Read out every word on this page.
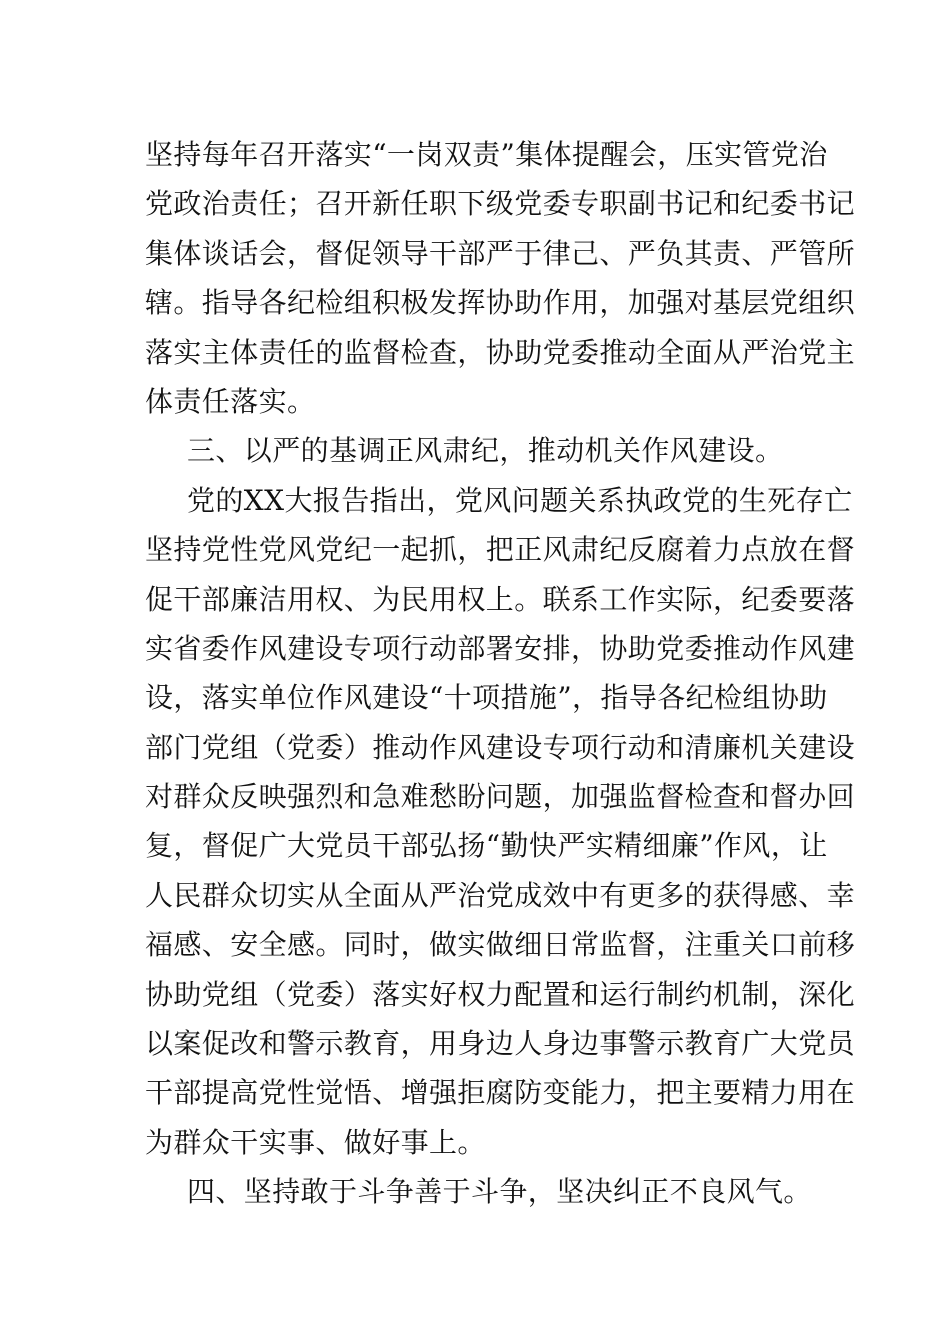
坚持每年召开落实“一岗双责”集体提醒会，压实管党治
党政治责任；召开新任职下级党委专职副书记和纪委书记
集体谈话会，督促领导干部严于律己、严负其责、严管所
辖。指导各纪检组积极发挥协助作用，加强对基层党组织
落实主体责任的监督检查，协助党委推动全面从严治党主
体责任落实。
三、以严的基调正风肃纪，推动机关作风建设。
党的XX大报告指出，党风问题关系执政党的生死存亡
坚持党性党风党纪一起抓，把正风肃纪反腐着力点放在督
促干部廉洁用权、为民用权上。联系工作实际，纪委要落
实省委作风建设专项行动部署安排，协助党委推动作风建
设，落实单位作风建设“十项措施”，指导各纪检组协助
部门党组（党委）推动作风建设专项行动和清廉机关建设
对群众反映强烈和急难愁盼问题，加强监督检查和督办回
复，督促广大党员干部弘扬“勤快严实精细廉”作风，让
人民群众切实从全面从严治党成效中有更多的获得感、幸
福感、安全感。同时，做实做细日常监督，注重关口前移
协助党组（党委）落实好权力配置和运行制约机制，深化
以案促改和警示教育，用身边人身边事警示教育广大党员
干部提高党性觉悟、增强拒腐防变能力，把主要精力用在
为群众干实事、做好事上。
四、坚持敢于斗争善于斗争，坚决纠正不良风气。
